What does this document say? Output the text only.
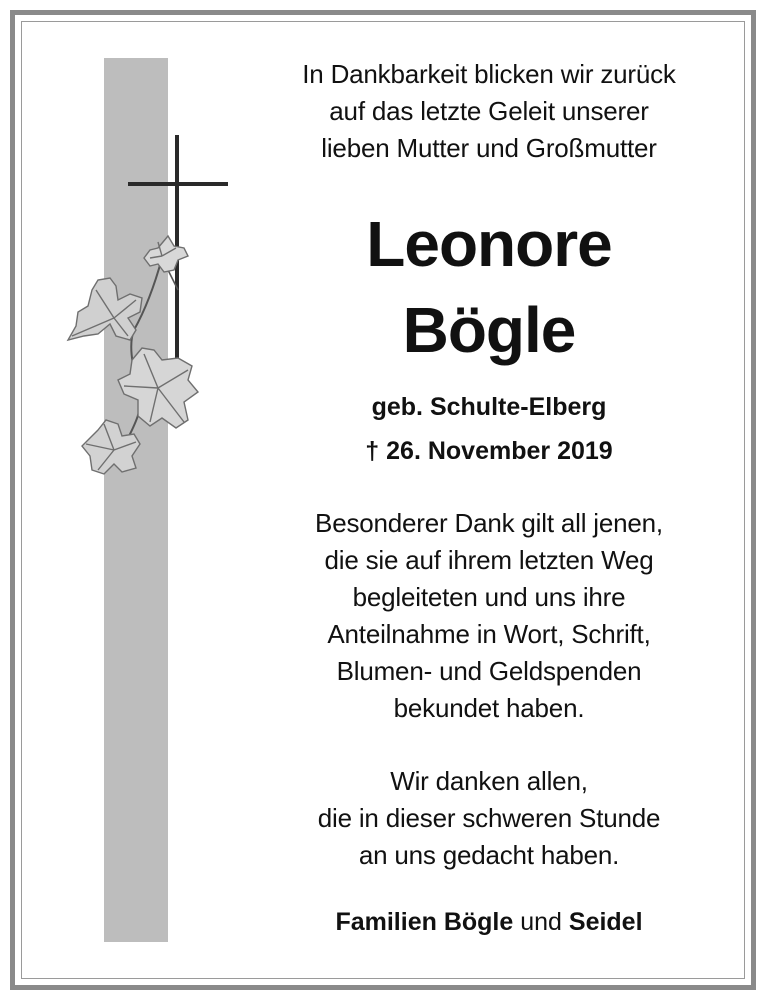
In Dankbarkeit blicken wir zurück
auf das letzte Geleit unserer
lieben Mutter und Großmutter
Leonore
Bögle
geb. Schulte-Elberg
† 26. November 2019
Besonderer Dank gilt all jenen,
die sie auf ihrem letzten Weg
begleiteten und uns ihre
Anteilnahme in Wort, Schrift,
Blumen- und Geldspenden
bekundet haben.
Wir danken allen,
die in dieser schweren Stunde
an uns gedacht haben.
Familien Bögle und Seidel
